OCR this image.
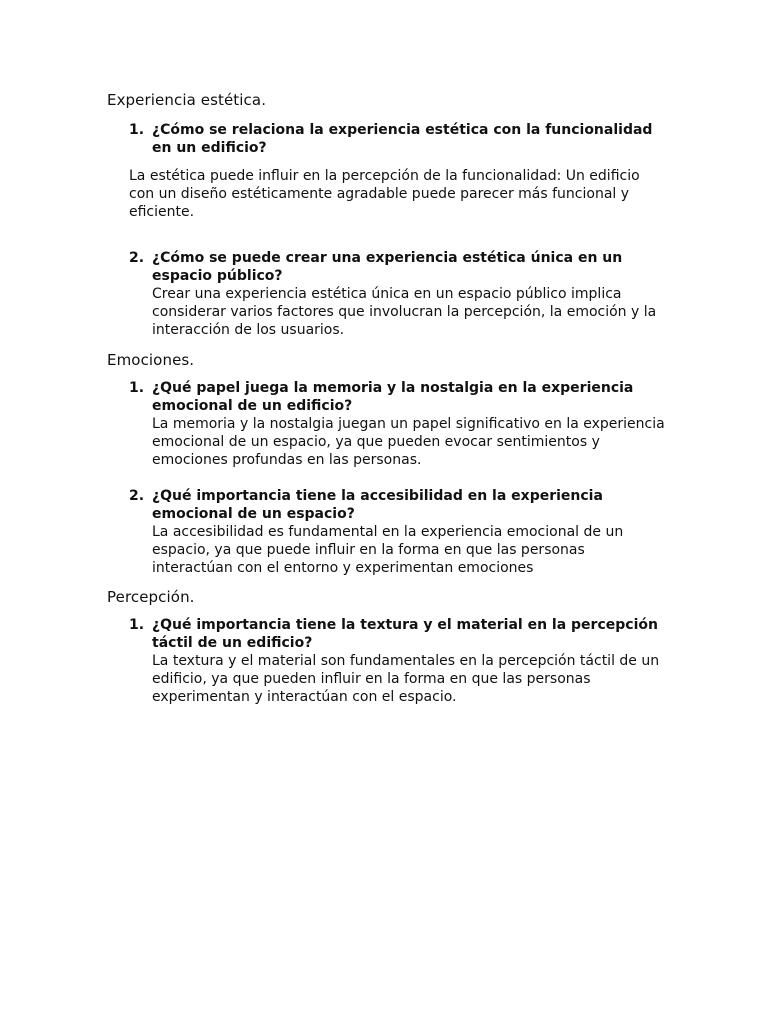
Experiencia estética.
1. ¿Cómo se relaciona la experiencia estética con la funcionalidad en un edificio?

La estética puede influir en la percepción de la funcionalidad: Un edificio con un diseño estéticamente agradable puede parecer más funcional y eficiente.

2. ¿Cómo se puede crear una experiencia estética única en un espacio público?

Crear una experiencia estética única en un espacio público implica considerar varios factores que involucran la percepción, la emoción y la interacción de los usuarios.

Emociones.
1. ¿Qué papel juega la memoria y la nostalgia en la experiencia emocional de un edificio?

La memoria y la nostalgia juegan un papel significativo en la experiencia emocional de un espacio, ya que pueden evocar sentimientos y emociones profundas en las personas.

2. ¿Qué importancia tiene la accesibilidad en la experiencia emocional de un espacio?

La accesibilidad es fundamental en la experiencia emocional de un espacio, ya que puede influir en la forma en que las personas interactúan con el entorno y experimentan emociones

Percepción.
1. ¿Qué importancia tiene la textura y el material en la percepción táctil de un edificio?

La textura y el material son fundamentales en la percepción táctil de un edificio, ya que pueden influir en la forma en que las personas experimentan y interactúan con el espacio.
